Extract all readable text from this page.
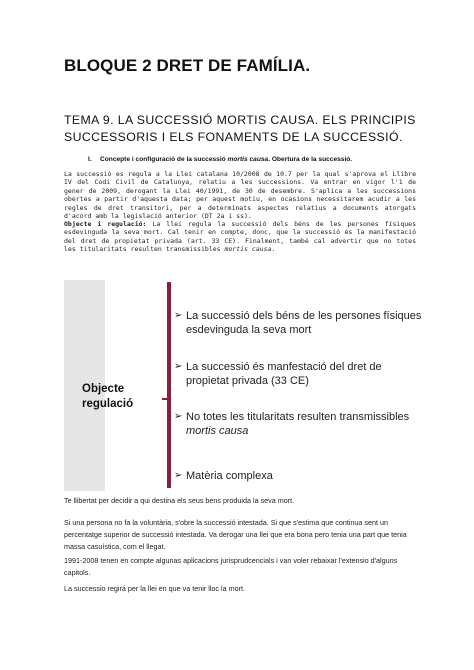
BLOQUE 2 DRET DE FAMÍLIA.
TEMA 9. LA SUCCESSIÓ MORTIS CAUSA. ELS PRINCIPIS
SUCCESSORIS I ELS FONAMENTS DE LA SUCCESSIÓ.
I. Concepte i configuració de la successió mortis causa. Obertura de la successió.
La successió es regula a la Llei catalana 10/2008 de 10.7 per la qual s'aprova el Llibre IV del Codi Civil de Catalunya, relatiu a les successions. Va entrar en vigor l'1 de gener de 2009, derogant la Llei 40/1991, de 30 de desembre. S'aplica a les successions obertes a partir d'aquesta data; per aquest motiu, en ocasions necessitarem acudir a les regles de dret transitori, per a determinats aspectes relatius a documents atorgats d'acord amb la legislació anterior (DT 2a i ss).
Objecte i regulació: La llei regula la successió dels béns de les persones físiques esdevinguda la seva mort. Cal tenir en compte, donc, que la successió és la manifestació del dret de propietat privada (art. 33 CE). Finalment, també cal advertir que no totes les titularitats resulten transmissibles mortis causa.
Objecte
regulació
➢ La successió dels béns de les persones físiques esdevinguda la seva mort
➢ La successió és manfestació del dret de propietat privada (33 CE)
➢ No totes les titularitats resulten transmissibles mortis causa
➢ Matèria complexa
Te llibertat per decidir a qui destina els seus bens produida la seva mort.
Si una persona no fa la voluntària, s'obre la successió intestada. Si que s'estima que continua sent un percentatge superior de successió intestada. Va derogar una llei que era bona pero tenia una part que tenia massa casuística, com el llegat.
1991-2008 tenen en compte algunas aplicacions jurisprudcencials i van voler rebaixar l'extensio d'alguns capitols.
La successio regirá per la llei en que va tenir lloc la mort.
